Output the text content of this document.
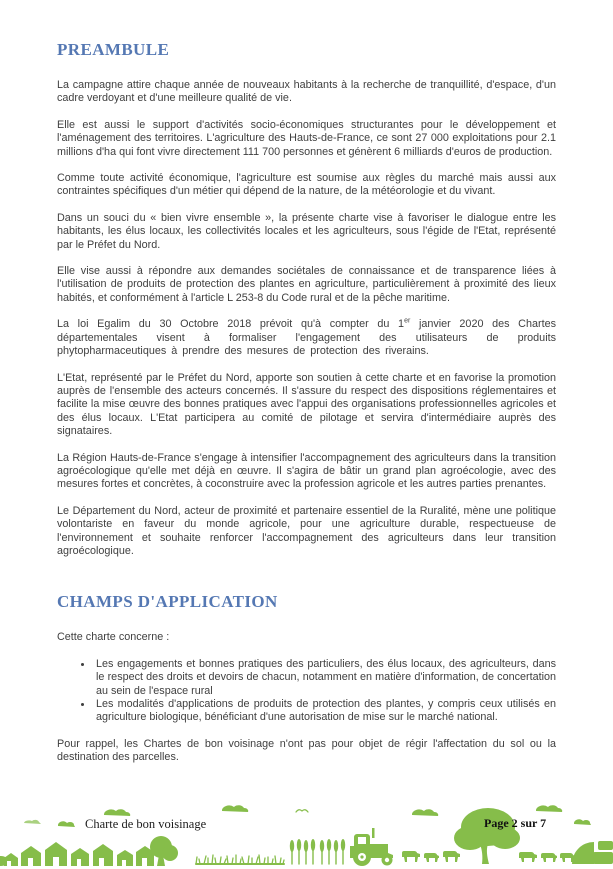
PREAMBULE

La campagne attire chaque année de nouveaux habitants à la recherche de tranquillité, d'espace, d'un cadre verdoyant et d'une meilleure qualité de vie.

Elle est aussi le support d'activités socio-économiques structurantes pour le développement et l'aménagement des territoires. L'agriculture des Hauts-de-France, ce sont 27 000 exploitations pour 2.1 millions d'ha qui font vivre directement 111 700 personnes et génèrent 6 milliards d'euros de production.

Comme toute activité économique, l'agriculture est soumise aux règles du marché mais aussi aux contraintes spécifiques d'un métier qui dépend de la nature, de la météorologie et du vivant.

Dans un souci du « bien vivre ensemble », la présente charte vise à favoriser le dialogue entre les habitants, les élus locaux, les collectivités locales et les agriculteurs, sous l'égide de l'Etat, représenté par le Préfet du Nord.

Elle vise aussi à répondre aux demandes sociétales de connaissance et de transparence liées à l'utilisation de produits de protection des plantes en agriculture, particulièrement à proximité des lieux habités, et conformément à l'article L 253-8 du Code rural et de la pêche maritime.

La loi Egalim du 30 Octobre 2018 prévoit qu'à compter du 1er janvier 2020 des Chartes départementales visent à formaliser l'engagement des utilisateurs de produits phytopharmaceutiques à prendre des mesures de protection des riverains.

L'Etat, représenté par le Préfet du Nord, apporte son soutien à cette charte et en favorise la promotion auprès de l'ensemble des acteurs concernés. Il s'assure du respect des dispositions réglementaires et facilite la mise œuvre des bonnes pratiques avec l'appui des organisations professionnelles agricoles et des élus locaux. L'Etat participera au comité de pilotage et servira d'intermédiaire auprès des signataires.

La Région Hauts-de-France s'engage à intensifier l'accompagnement des agriculteurs dans la transition agroécologique qu'elle met déjà en œuvre. Il s'agira de bâtir un grand plan agroécologie, avec des mesures fortes et concrètes, à coconstruire avec la profession agricole et les autres parties prenantes.

Le Département du Nord, acteur de proximité et partenaire essentiel de la Ruralité, mène une politique volontariste en faveur du monde agricole, pour une agriculture durable, respectueuse de l'environnement et souhaite renforcer l'accompagnement des agriculteurs dans leur transition agroécologique.

CHAMPS D'APPLICATION

Cette charte concerne :

• Les engagements et bonnes pratiques des particuliers, des élus locaux, des agriculteurs, dans le respect des droits et devoirs de chacun, notamment en matière d'information, de concertation au sein de l'espace rural
• Les modalités d'applications de produits de protection des plantes, y compris ceux utilisés en agriculture biologique, bénéficiant d'une autorisation de mise sur le marché national.

Pour rappel, les Chartes de bon voisinage n'ont pas pour objet de régir l'affectation du sol ou la destination des parcelles.

Charte de bon voisinage	Page 2 sur 7
